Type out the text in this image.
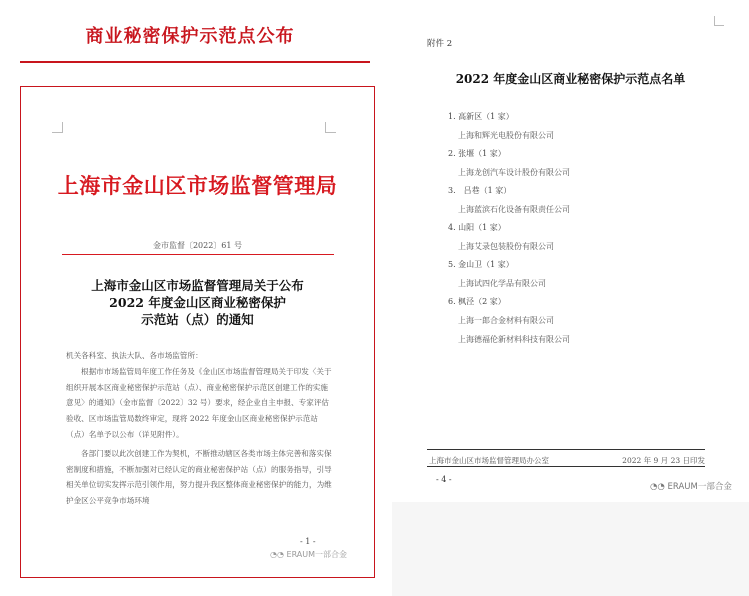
商业秘密保护示范点公布
上海市金山区市场监督管理局
金市监督〔2022〕61 号
上海市金山区市场监督管理局关于公布
2022 年度金山区商业秘密保护
示范站（点）的通知

机关各科室、执法大队、各市场监管所：

根据市市场监管局年度工作任务及《金山区市场监督管理局关于印发〈关于组织开展本区商业秘密保护示范站（点）、商业秘密保护示范区创建工作的实施意见〉的通知》（金市监督〔2022〕32 号）要求，经企业自主申报、专家评估验收、区市场监管局数终审定，现将 2022 年度金山区商业秘密保护示范站（点）名单予以公布（详见附件）。

各部门要以此次创建工作为契机，不断推动辖区各类市场主体完善和落实保密制度和措施，不断加强对已经认定的商业秘密保护站（点）的服务指导，引导相关单位切实发挥示范引领作用，努力提升我区整体商业秘密保护的能力，为维护金区公平竞争市场环境

- 1 -
◔◔ ERAUM一部合金
附件 2
2022 年度金山区商业秘密保护示范点名单
1. 高新区（1 家）
上海和辉光电股份有限公司
2. 张堰（1 家）
上海龙创汽车设计股份有限公司
3.　吕巷（1 家）
上海蓝滨石化设备有限责任公司
4. 山阳（1 家）
上海艾录包装股份有限公司
5. 金山卫（1 家）
上海试四化学品有限公司
6. 枫泾（2 家）
上海一郎合金材料有限公司
上海德福伦新材料科技有限公司
上海市金山区市场监督管理局办公室	2022 年 9 月 23 日印发
- 4 -
◔◔ ERAUM一部合金
